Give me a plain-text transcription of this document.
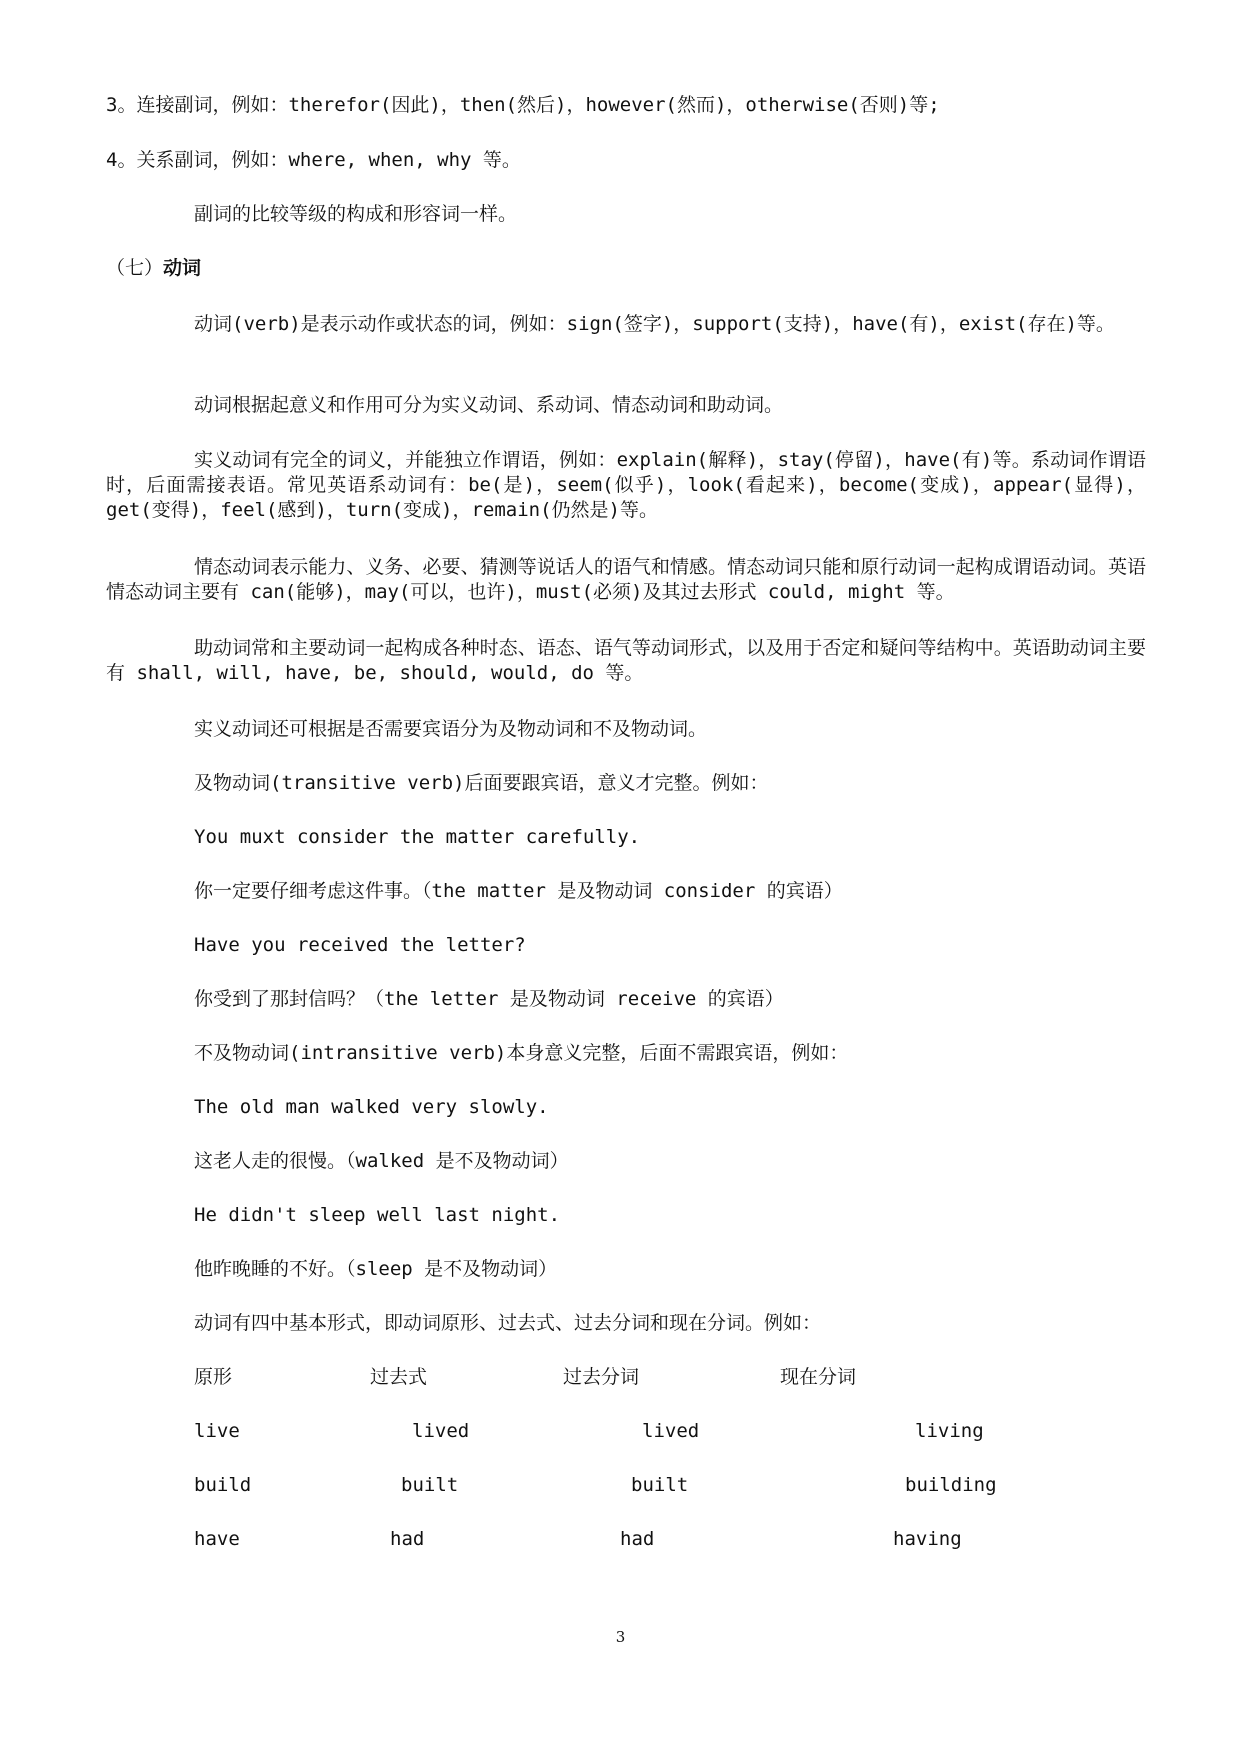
3。连接副词，例如：therefor(因此)，then(然后)，however(然而)，otherwise(否则)等;
4。关系副词，例如：where, when, why 等。
副词的比较等级的构成和形容词一样。
（七）动词
动词(verb)是表示动作或状态的词，例如：sign(签字)，support(支持)，have(有)，exist(存在)等。
动词根据起意义和作用可分为实义动词、系动词、情态动词和助动词。
实义动词有完全的词义，并能独立作谓语，例如：explain(解释)，stay(停留)，have(有)等。系动词作谓语时，后面需接表语。常见英语系动词有：be(是)，seem(似乎)，look(看起来)，become(变成)，appear(显得)，get(变得)，feel(感到)，turn(变成)，remain(仍然是)等。
情态动词表示能力、义务、必要、猜测等说话人的语气和情感。情态动词只能和原行动词一起构成谓语动词。英语情态动词主要有 can(能够)，may(可以，也许)，must(必须)及其过去形式 could, might 等。
助动词常和主要动词一起构成各种时态、语态、语气等动词形式，以及用于否定和疑问等结构中。英语助动词主要有 shall, will, have, be, should, would, do 等。
实义动词还可根据是否需要宾语分为及物动词和不及物动词。
及物动词(transitive verb)后面要跟宾语，意义才完整。例如：
You muxt consider the matter carefully.
你一定要仔细考虑这件事。（the matter 是及物动词 consider 的宾语）
Have you received the letter?
你受到了那封信吗？（the letter 是及物动词 receive 的宾语）
不及物动词(intransitive verb)本身意义完整，后面不需跟宾语，例如：
The old man walked very slowly.
这老人走的很慢。（walked 是不及物动词）
He didn't sleep well last night.
他昨晚睡的不好。（sleep 是不及物动词）
动词有四中基本形式，即动词原形、过去式、过去分词和现在分词。例如：
原形	过去式	过去分词	现在分词
live	lived	lived	living
build	built	built	building
have	had	had	having
3
